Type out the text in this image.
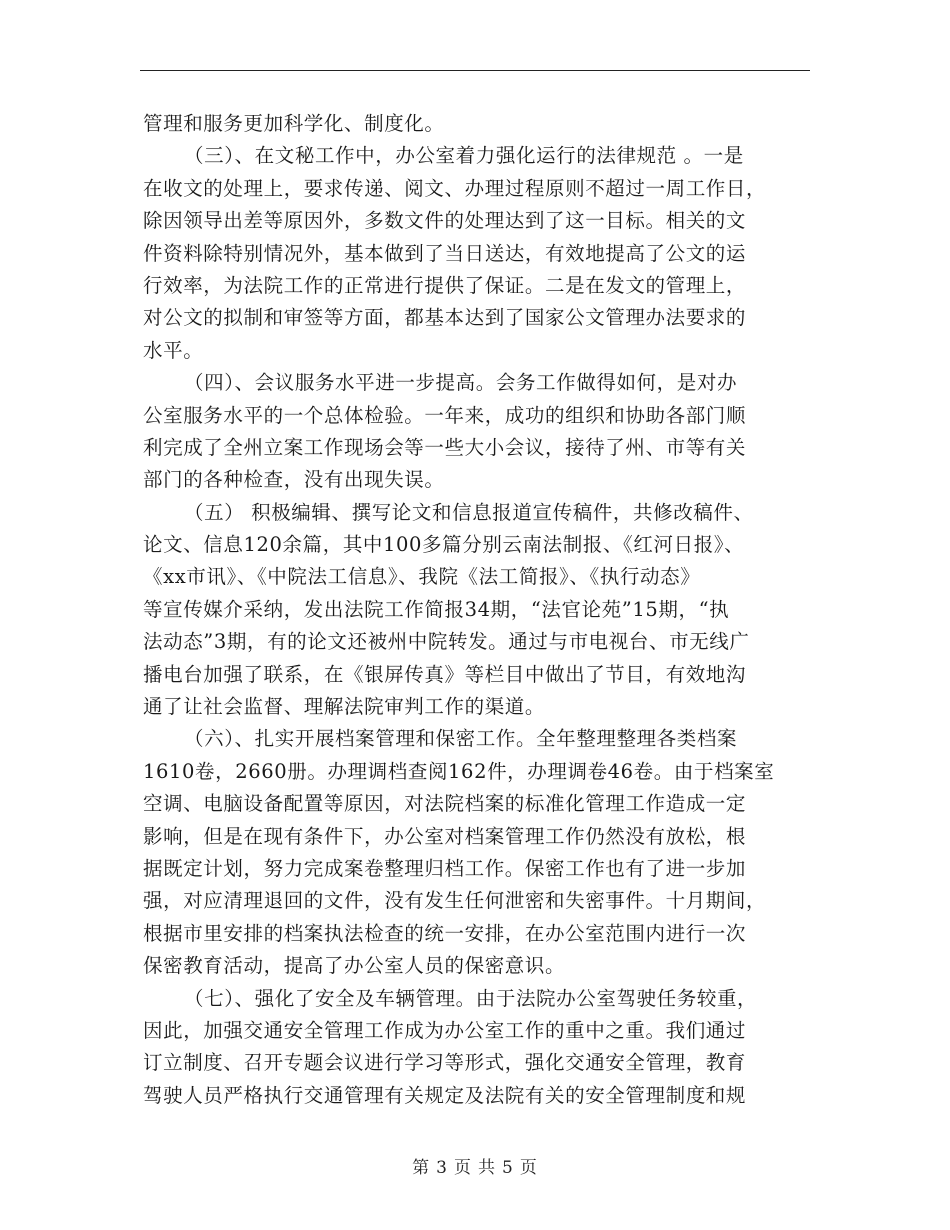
管理和服务更加科学化、制度化。
（三）、在文秘工作中，办公室着力强化运行的法律规范 。一是
在收文的处理上，要求传递、阅文、办理过程原则不超过一周工作日，
除因领导出差等原因外，多数文件的处理达到了这一目标。相关的文
件资料除特别情况外，基本做到了当日送达，有效地提高了公文的运
行效率，为法院工作的正常进行提供了保证。二是在发文的管理上，
对公文的拟制和审签等方面，都基本达到了国家公文管理办法要求的
水平。
（四）、会议服务水平进一步提高。会务工作做得如何，是对办
公室服务水平的一个总体检验。一年来，成功的组织和协助各部门顺
利完成了全州立案工作现场会等一些大小会议，接待了州、市等有关
部门的各种检查，没有出现失误。
（五） 积极编辑、撰写论文和信息报道宣传稿件，共修改稿件、
论文、信息120余篇，其中100多篇分别云南法制报、《红河日报》、
《xx市讯》、《中院法工信息》、我院《法工简报》、《执行动态》
等宣传媒介采纳，发出法院工作简报34期，“法官论苑”15期，“执
法动态”3期，有的论文还被州中院转发。通过与市电视台、市无线广
播电台加强了联系，在《银屏传真》等栏目中做出了节目，有效地沟
通了让社会监督、理解法院审判工作的渠道。
（六）、扎实开展档案管理和保密工作。全年整理整理各类档案
1610卷，2660册。办理调档查阅162件，办理调卷46卷。由于档案室
空调、电脑设备配置等原因，对法院档案的标准化管理工作造成一定
影响，但是在现有条件下，办公室对档案管理工作仍然没有放松，根
据既定计划，努力完成案卷整理归档工作。保密工作也有了进一步加
强，对应清理退回的文件，没有发生任何泄密和失密事件。十月期间，
根据市里安排的档案执法检查的统一安排，在办公室范围内进行一次
保密教育活动，提高了办公室人员的保密意识。
（七）、强化了安全及车辆管理。由于法院办公室驾驶任务较重，
因此，加强交通安全管理工作成为办公室工作的重中之重。我们通过
订立制度、召开专题会议进行学习等形式，强化交通安全管理，教育
驾驶人员严格执行交通管理有关规定及法院有关的安全管理制度和规
第 3 页 共 5 页
